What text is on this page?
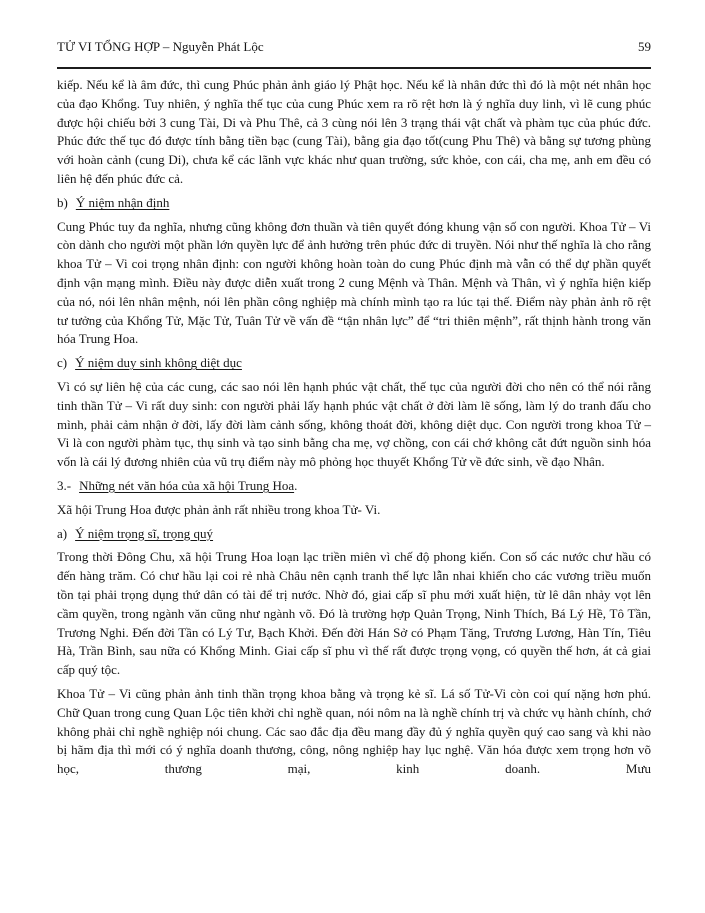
TỬ VI TỔNG HỢP – Nguyễn Phát Lộc	59

kiếp. Nếu kể là âm đức, thì cung Phúc phản ảnh giáo lý Phật học. Nếu kể là nhân đức thì đó là một nét nhân học của đạo Khổng. Tuy nhiên, ý nghĩa thế tục của cung Phúc xem ra rõ rệt hơn là ý nghĩa duy linh, vì lẽ cung phúc được hội chiếu bởi 3 cung Tài, Di và Phu Thê, cả 3 cùng nói lên 3 trạng thái vật chất và phàm tục của phúc đức. Phúc đức thế tục đó được tính bằng tiền bạc (cung Tài), bằng gia đạo tốt(cung Phu Thê) và bằng sự tương phùng với hoàn cảnh (cung Di), chưa kể các lãnh vực khác như quan trường, sức khỏe, con cái, cha mẹ, anh em đều có liên hệ đến phúc đức cả.

b) Ý niệm nhận định

Cung Phúc tuy đa nghĩa, nhưng cũng không đơn thuần và tiên quyết đóng khung vận số con người. Khoa Tử – Vi còn dành cho người một phần lớn quyền lực để ảnh hưởng trên phúc đức di truyền. Nói như thế nghĩa là cho rằng khoa Tử – Vi coi trọng nhân định: con người không hoàn toàn do cung Phúc định mà vẫn có thể dự phần quyết định vận mạng mình. Điều này được diễn xuất trong 2 cung Mệnh và Thân. Mệnh và Thân, vì ý nghĩa hiện kiếp của nó, nói lên nhân mệnh, nói lên phần công nghiệp mà chính mình tạo ra lúc tại thế. Điểm này phản ảnh rõ rệt tư tưởng của Khổng Tử, Mặc Tử, Tuân Tử về vấn đề “tận nhân lực” để “tri thiên mệnh”, rất thịnh hành trong văn hóa Trung Hoa.

c) Ý niệm duy sinh không diệt dục

Vì có sự liên hệ của các cung, các sao nói lên hạnh phúc vật chất, thế tục của người đời cho nên có thể nói rằng tinh thần Tử – Vi rất duy sinh: con người phải lấy hạnh phúc vật chất ở đời làm lẽ sống, làm lý do tranh đấu cho mình, phải cảm nhận ở đời, lấy đời làm cảnh sống, không thoát đời, không diệt dục. Con người trong khoa Tử – Vi là con người phàm tục, thụ sinh và tạo sinh bằng cha mẹ, vợ chồng, con cái chớ không cắt đứt nguồn sinh hóa vốn là cái lý đương nhiên của vũ trụ điểm này mô phỏng học thuyết Khổng Tử về đức sinh, về đạo Nhân.

3.- Những nét văn hóa của xã hội Trung Hoa.

Xã hội Trung Hoa được phản ảnh rất nhiều trong khoa Tử- Vi.

a) Ý niệm trọng sĩ, trọng quý

Trong thời Đông Chu, xã hội Trung Hoa loạn lạc triền miên vì chế độ phong kiến. Con số các nước chư hầu có đến hàng trăm. Có chư hầu lại coi rẻ nhà Châu nên cạnh tranh thế lực lẫn nhai khiến cho các vương triều muốn tồn tại phải trọng dụng thứ dân có tài để trị nước. Nhờ đó, giai cấp sĩ phu mới xuất hiện, từ lê dân nhảy vọt lên cầm quyền, trong ngành văn cũng như ngành võ. Đó là trường hợp Quản Trọng, Ninh Thích, Bá Lý Hề, Tô Tần, Trương Nghi. Đến đời Tần có Lý Tư, Bạch Khởi. Đến đời Hán Sở có Phạm Tăng, Trương Lương, Hàn Tín, Tiêu Hà, Trần Bình, sau nữa có Khổng Minh. Giai cấp sĩ phu vì thế rất được trọng vọng, có quyền thế hơn, át cả giai cấp quý tộc.

Khoa Tử – Vi cũng phản ảnh tinh thần trọng khoa bằng và trọng kẻ sĩ. Lá số Tử-Vi còn coi quí nặng hơn phú. Chữ Quan trong cung Quan Lộc tiên khởi chỉ nghề quan, nói nôm na là nghề chính trị và chức vụ hành chính, chớ không phải chỉ nghề nghiệp nói chung. Các sao đắc địa đều mang đầy đủ ý nghĩa quyền quý cao sang và khi nào bị hãm địa thì mới có ý nghĩa doanh thương, công, nông nghiệp hay lục nghệ. Văn hóa được xem trọng hơn võ học, thương mại, kinh doanh. Mưu
